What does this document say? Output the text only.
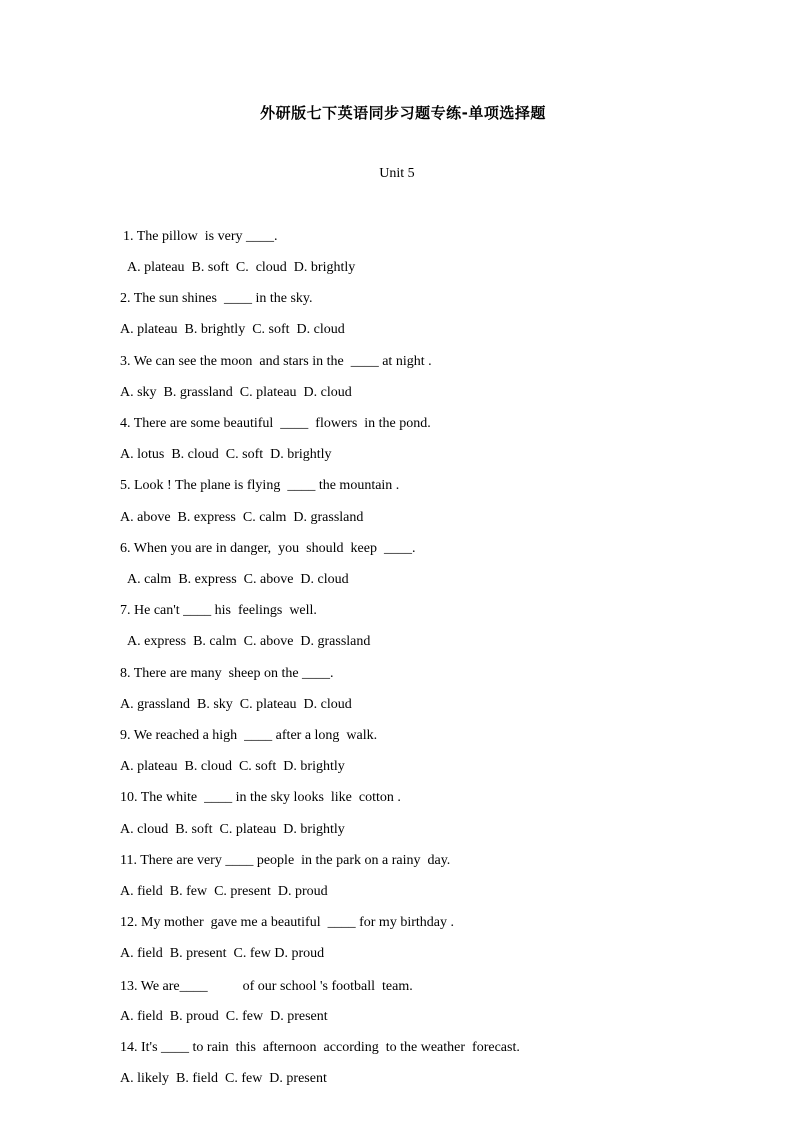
外研版七下英语同步习题专练-单项选择题
Unit 5
1. The pillow  is very ____.
A. plateau  B. soft  C.  cloud  D. brightly
2. The sun shines  ____ in the sky.
A. plateau  B. brightly  C. soft  D. cloud
3. We can see the moon  and stars in the  ____ at night .
A. sky  B. grassland  C. plateau  D. cloud
4. There are some beautiful  ____  flowers  in the pond.
A. lotus  B. cloud  C. soft  D. brightly
5. Look ! The plane is flying  ____ the mountain .
A. above  B. express  C. calm  D. grassland
6. When you are in danger,  you  should  keep  ____.
A. calm  B. express  C. above  D. cloud
7. He can't ____ his  feelings  well.
A. express  B. calm  C. above  D. grassland
8. There are many  sheep on the ____.
A. grassland  B. sky  C. plateau  D. cloud
9. We reached a high  ____ after a long  walk.
A. plateau  B. cloud  C. soft  D. brightly
10. The white  ____ in the sky looks  like  cotton .
A. cloud  B. soft  C. plateau  D. brightly
11. There are very ____ people  in the park on a rainy  day.
A. field  B. few  C. present  D. proud
12. My mother  gave me a beautiful  ____ for my birthday .
A. field  B. present  C. few D. proud
13. We are____          of our school 's football  team.
A. field  B. proud  C. few  D. present
14. It's ____ to rain  this  afternoon  according  to the weather  forecast.
A. likely  B. field  C. few  D. present
